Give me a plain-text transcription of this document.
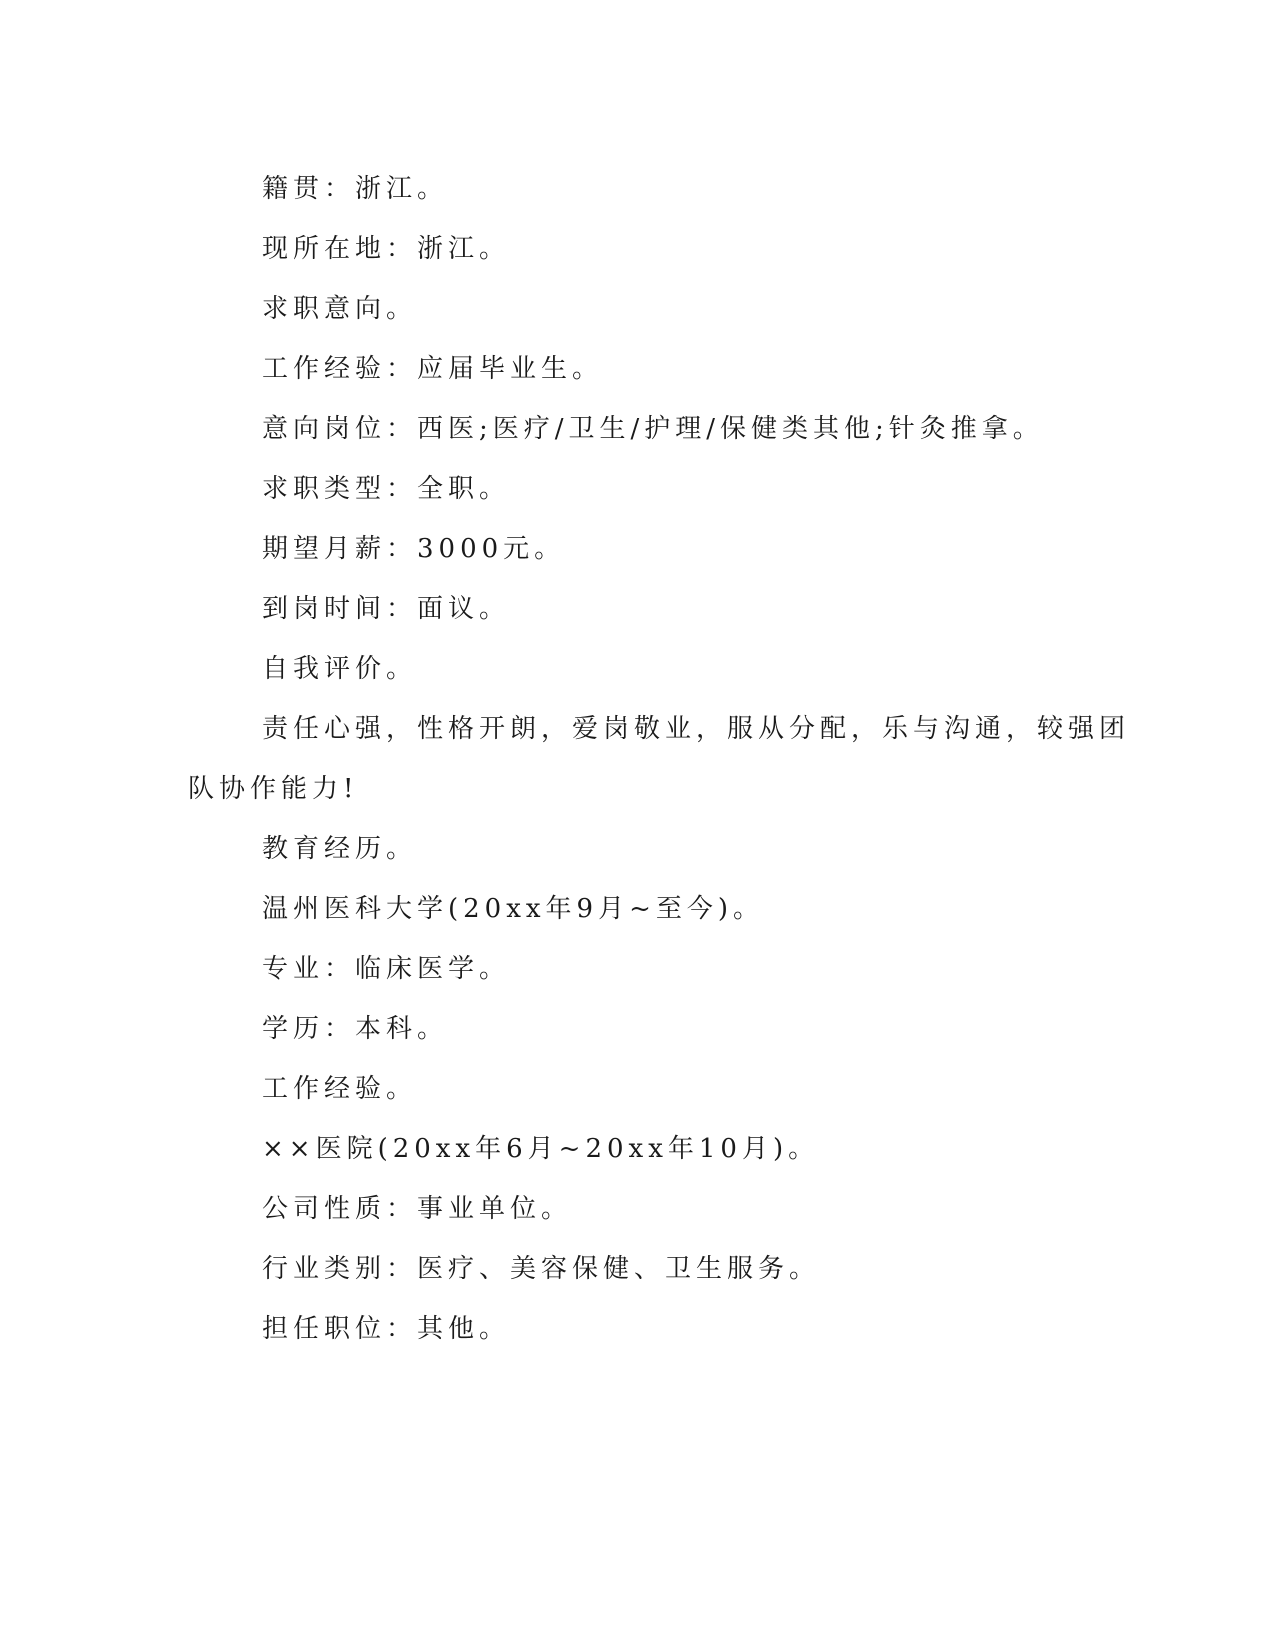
籍贯：浙江。
现所在地：浙江。
求职意向。
工作经验：应届毕业生。
意向岗位：西医;医疗/卫生/护理/保健类其他;针灸推拿。
求职类型：全职。
期望月薪：3000元。
到岗时间：面议。
自我评价。
责任心强，性格开朗，爱岗敬业，服从分配，乐与沟通，较强团
队协作能力!
教育经历。
温州医科大学(20xx年9月~至今)。
专业：临床医学。
学历：本科。
工作经验。
××医院(20xx年6月~20xx年10月)。
公司性质：事业单位。
行业类别：医疗、美容保健、卫生服务。
担任职位：其他。
